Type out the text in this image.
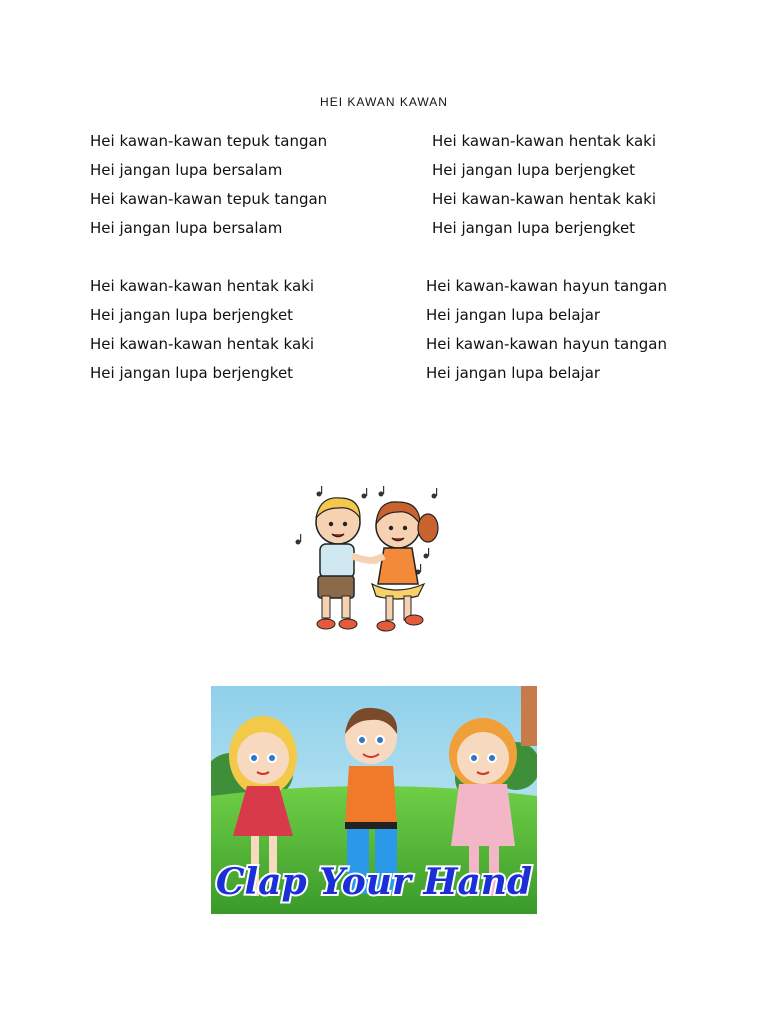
HEI KAWAN KAWAN
Hei kawan-kawan tepuk tangan
Hei jangan lupa bersalam
Hei kawan-kawan tepuk tangan
Hei jangan lupa bersalam
Hei kawan-kawan hentak kaki
Hei jangan lupa berjengket
Hei kawan-kawan hentak kaki
Hei jangan lupa berjengket
Hei kawan-kawan hentak kaki
Hei jangan lupa berjengket
Hei kawan-kawan hentak kaki
Hei jangan lupa berjengket
Hei kawan-kawan hayun tangan
Hei jangan lupa belajar
Hei kawan-kawan hayun tangan
Hei jangan lupa belajar
Clap Your Hand
